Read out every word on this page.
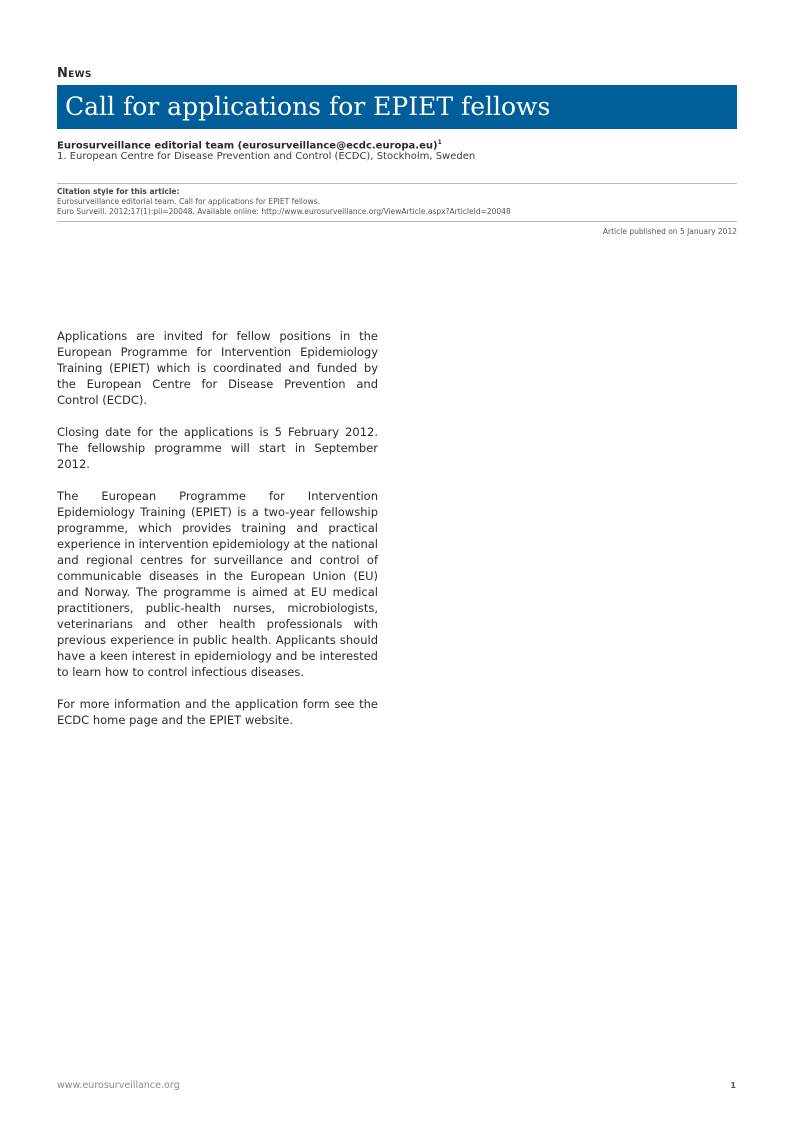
News
Call for applications for EPIET fellows
Eurosurveillance editorial team (eurosurveillance@ecdc.europa.eu)$^1$
1. European Centre for Disease Prevention and Control (ECDC), Stockholm, Sweden
Citation style for this article:
Eurosurveillance editorial team. Call for applications for EPIET fellows.
Euro Surveill. 2012;17(1):pii=20048. Available online: http://www.eurosurveillance.org/ViewArticle.aspx?ArticleId=20048
Article published on 5 January 2012

Applications are invited for fellow positions in the European Programme for Intervention Epidemiology Training (EPIET) which is coordinated and funded by the European Centre for Disease Prevention and Control (ECDC).

Closing date for the applications is 5 February 2012. The fellowship programme will start in September 2012.

The European Programme for Intervention Epidemiology Training (EPIET) is a two-year fellowship programme, which provides training and practical experience in intervention epidemiology at the national and regional centres for surveillance and control of communicable diseases in the European Union (EU) and Norway. The programme is aimed at EU medical practitioners, public-health nurses, microbiologists, veterinarians and other health professionals with previous experience in public health. Applicants should have a keen interest in epidemiology and be interested to learn how to control infectious diseases.

For more information and the application form see the ECDC home page and the EPIET website.

www.eurosurveillance.org	1
